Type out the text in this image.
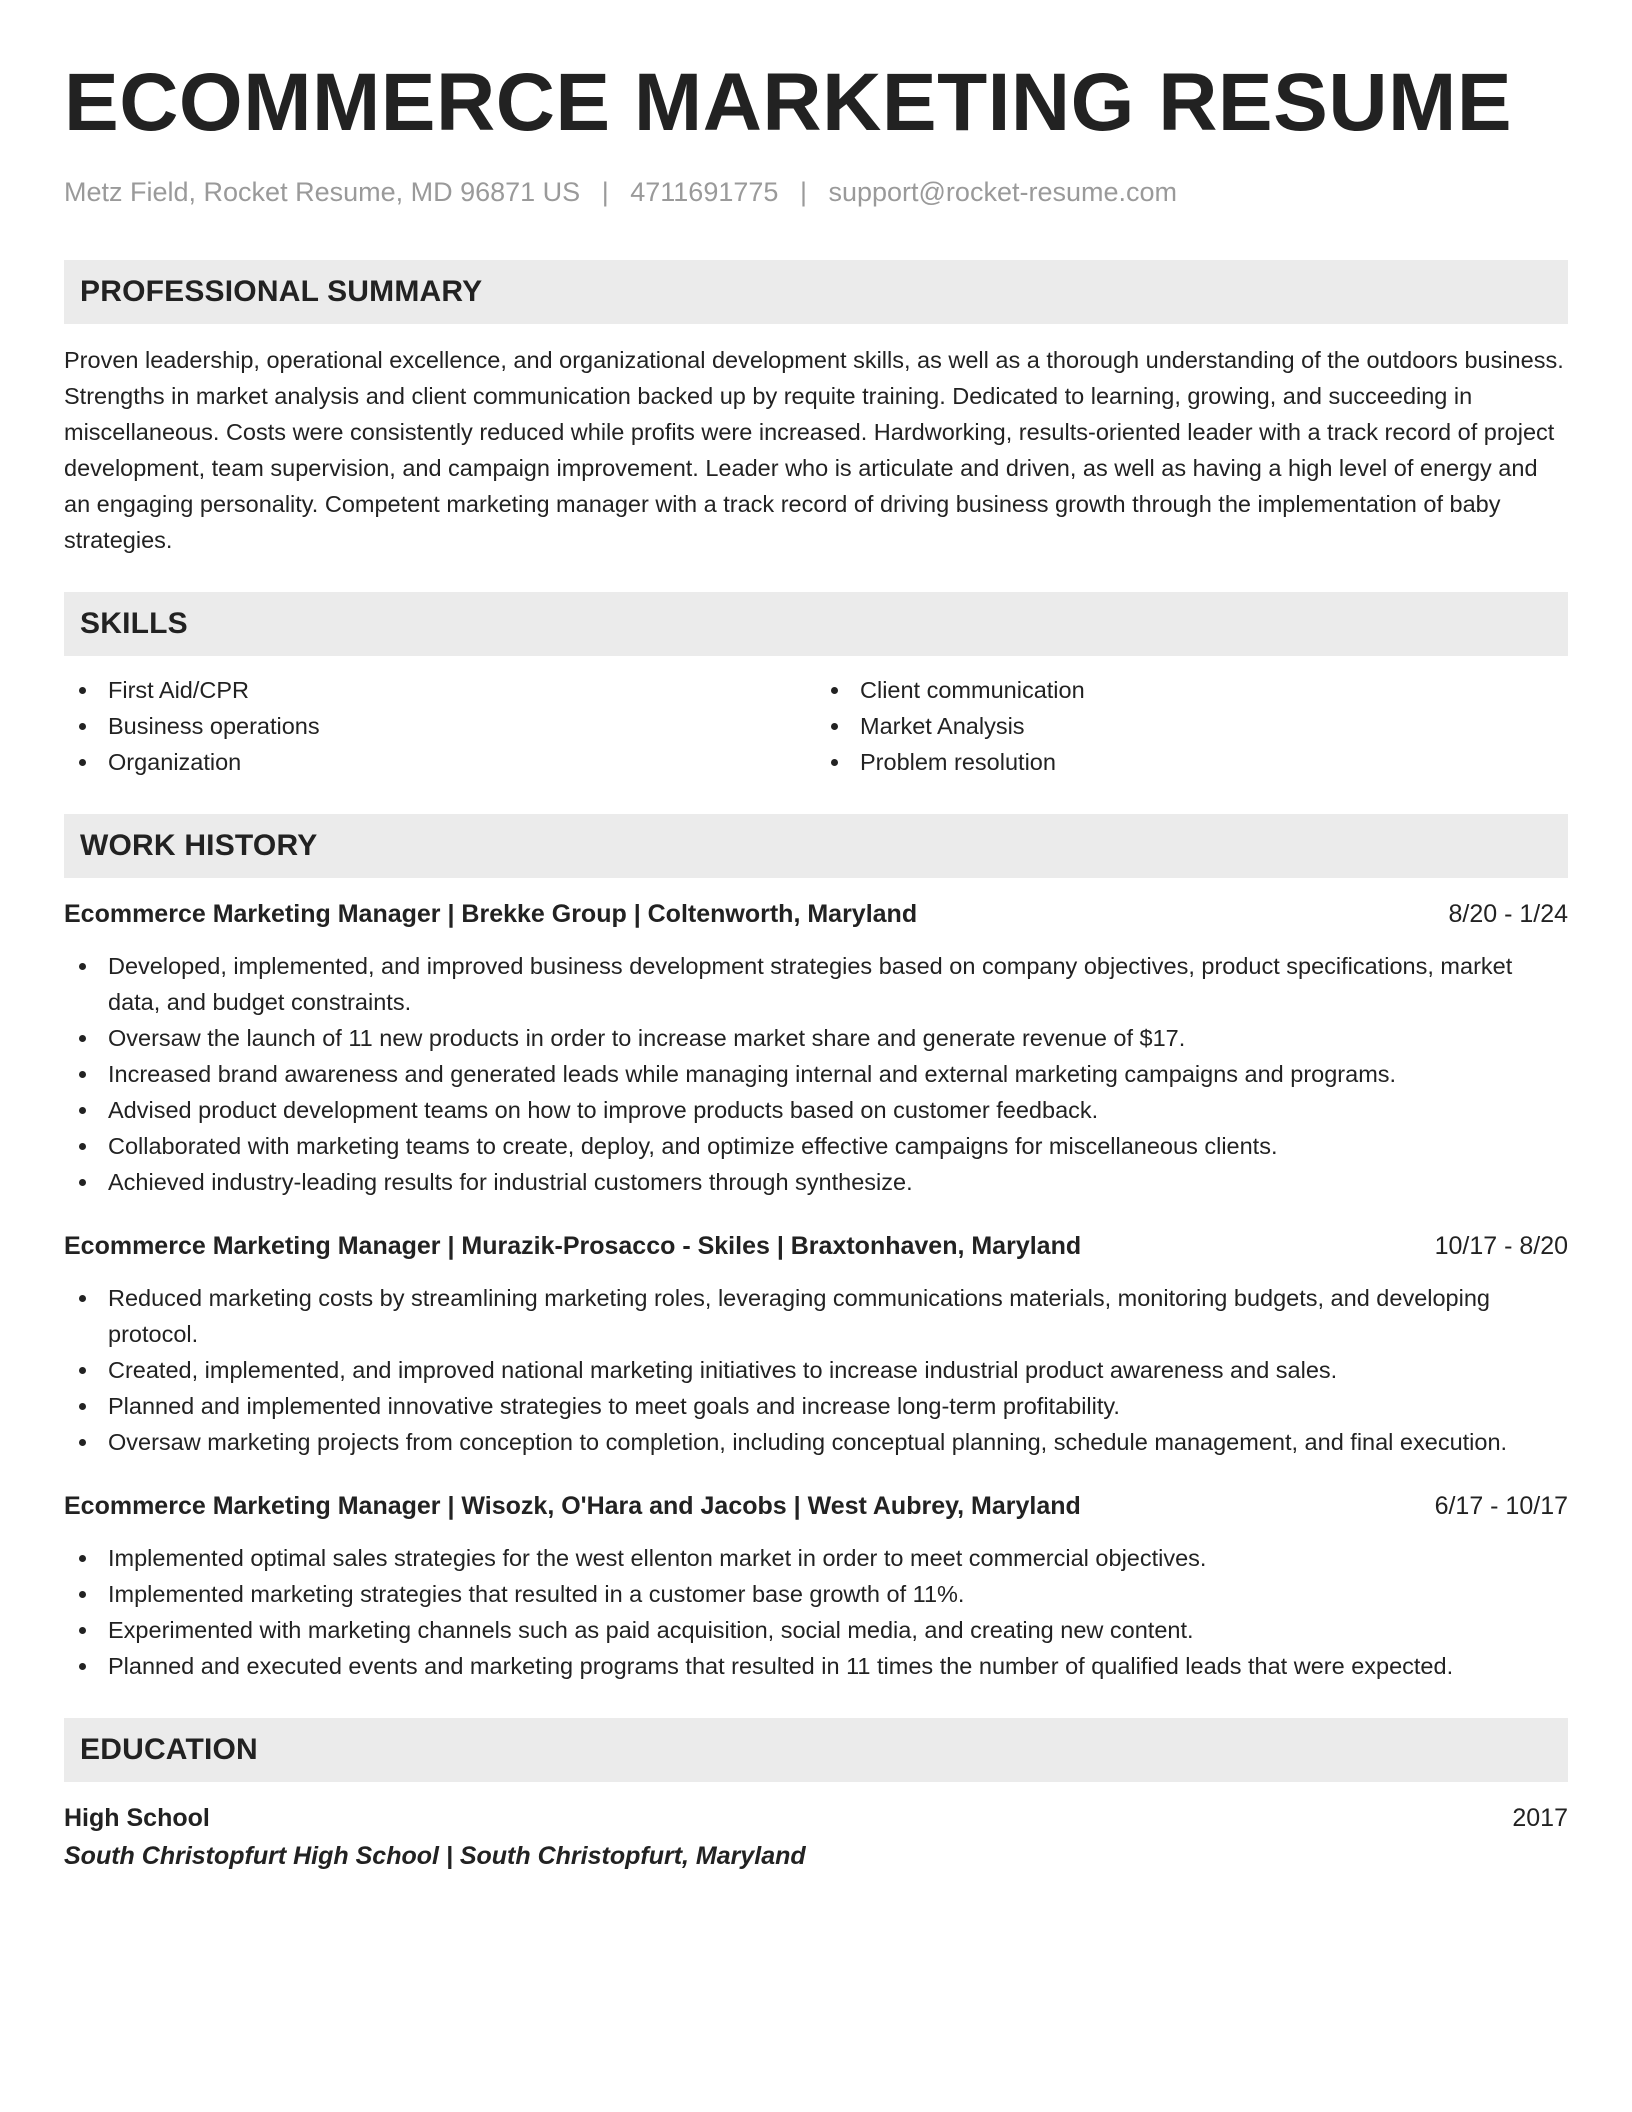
ECOMMERCE MARKETING RESUME
Metz Field, Rocket Resume, MD 96871 US | 4711691775 | support@rocket-resume.com
PROFESSIONAL SUMMARY

Proven leadership, operational excellence, and organizational development skills, as well as a thorough understanding of the outdoors business. Strengths in market analysis and client communication backed up by requite training. Dedicated to learning, growing, and succeeding in miscellaneous. Costs were consistently reduced while profits were increased. Hardworking, results-oriented leader with a track record of project development, team supervision, and campaign improvement. Leader who is articulate and driven, as well as having a high level of energy and an engaging personality. Competent marketing manager with a track record of driving business growth through the implementation of baby strategies.

SKILLS
First Aid/CPR
Business operations
Organization
Client communication
Market Analysis
Problem resolution
WORK HISTORY
Ecommerce Marketing Manager | Brekke Group | Coltenworth, Maryland	8/20 - 1/24
Developed, implemented, and improved business development strategies based on company objectives, product specifications, market data, and budget constraints.
Oversaw the launch of 11 new products in order to increase market share and generate revenue of $17.
Increased brand awareness and generated leads while managing internal and external marketing campaigns and programs.
Advised product development teams on how to improve products based on customer feedback.
Collaborated with marketing teams to create, deploy, and optimize effective campaigns for miscellaneous clients.
Achieved industry-leading results for industrial customers through synthesize.
Ecommerce Marketing Manager | Murazik-Prosacco - Skiles | Braxtonhaven, Maryland	10/17 - 8/20
Reduced marketing costs by streamlining marketing roles, leveraging communications materials, monitoring budgets, and developing protocol.
Created, implemented, and improved national marketing initiatives to increase industrial product awareness and sales.
Planned and implemented innovative strategies to meet goals and increase long-term profitability.
Oversaw marketing projects from conception to completion, including conceptual planning, schedule management, and final execution.
Ecommerce Marketing Manager | Wisozk, O'Hara and Jacobs | West Aubrey, Maryland	6/17 - 10/17
Implemented optimal sales strategies for the west ellenton market in order to meet commercial objectives.
Implemented marketing strategies that resulted in a customer base growth of 11%.
Experimented with marketing channels such as paid acquisition, social media, and creating new content.
Planned and executed events and marketing programs that resulted in 11 times the number of qualified leads that were expected.
EDUCATION
High School	2017
South Christopfurt High School | South Christopfurt, Maryland
